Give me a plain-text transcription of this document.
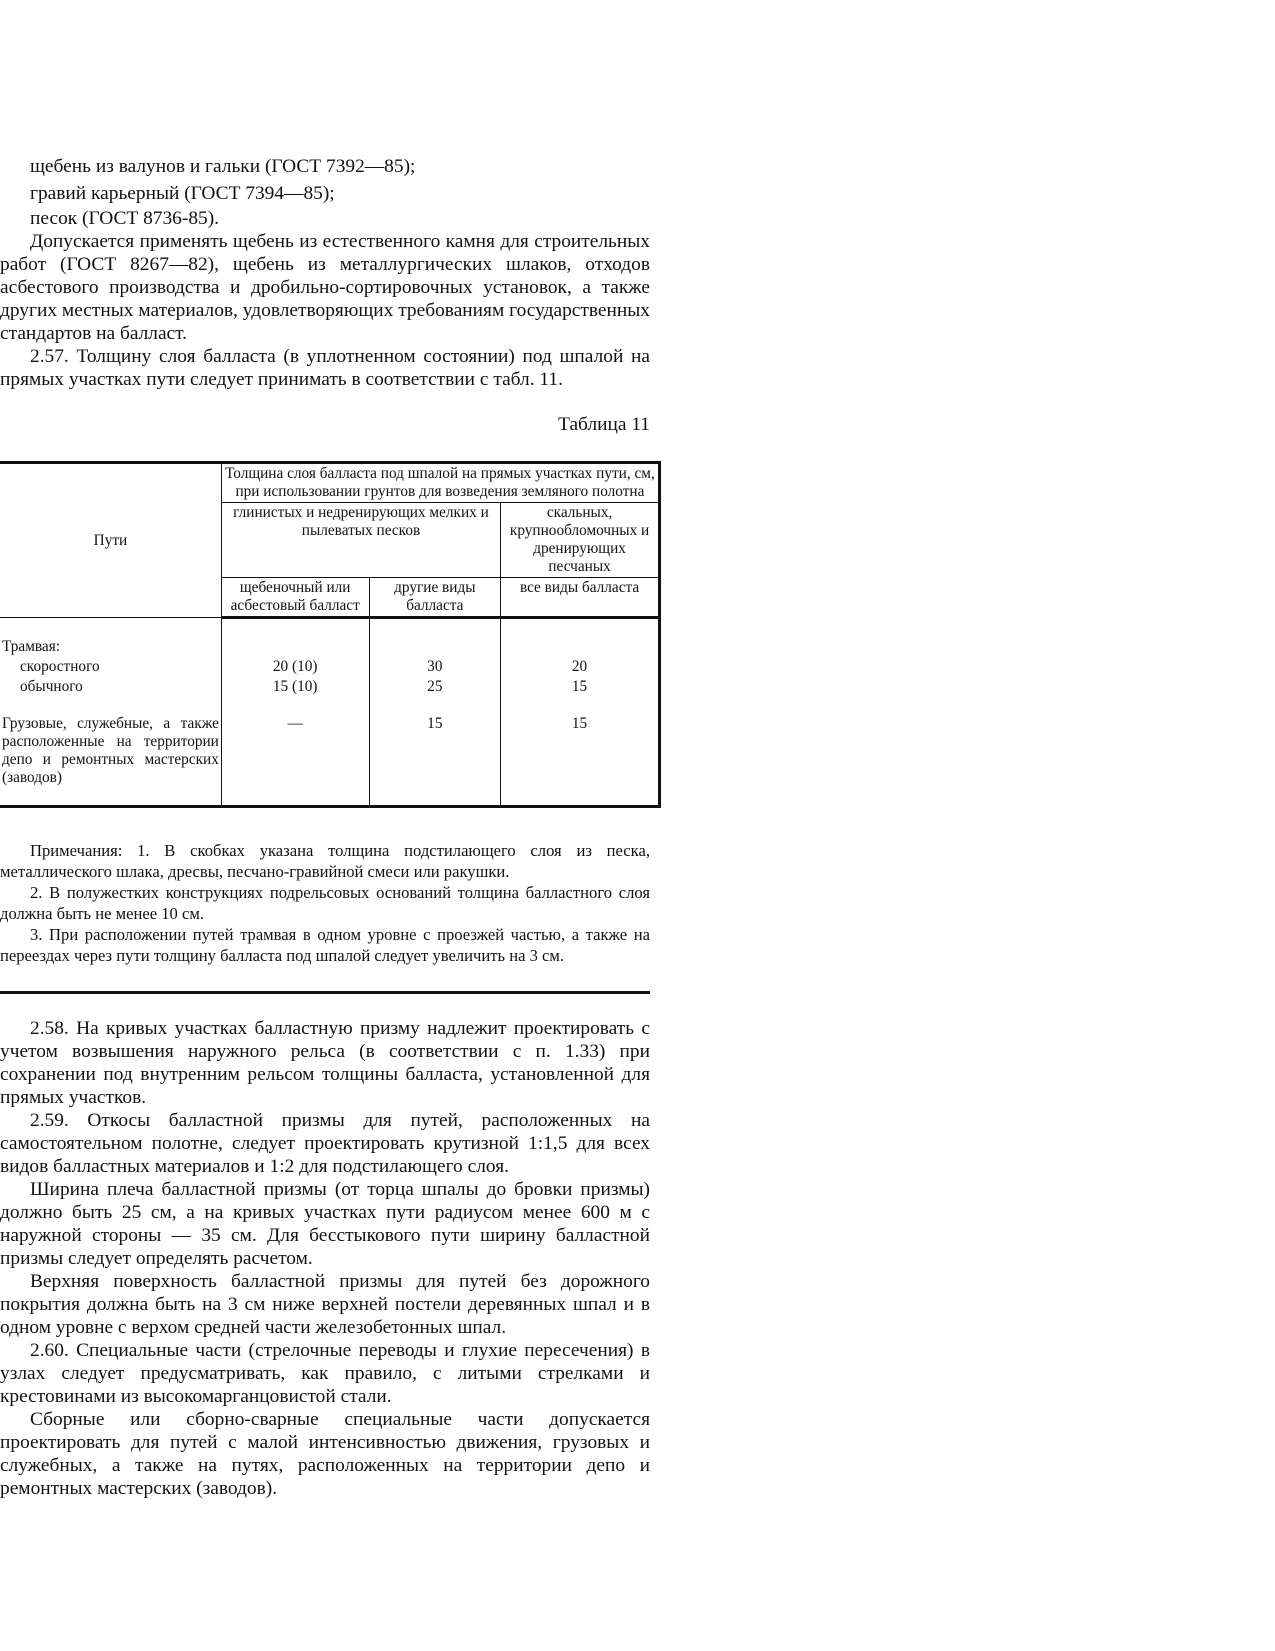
щебень из валунов и гальки (ГОСТ 7392—85);

гравий карьерный (ГОСТ 7394—85);

песок (ГОСТ 8736-85).

Допускается применять щебень из естественного камня для строительных работ (ГОСТ 8267—82), щебень из металлургических шлаков, отходов асбестового производства и дробильно-сортировочных установок, а также других местных материалов, удовлетворяющих требованиям государственных стандартов на балласт.

2.57. Толщину слоя балласта (в уплотненном состоянии) под шпалой на прямых участках пути следует принимать в соответствии с табл. 11.

Таблица 11
Пути	Толщина слоя балласта под шпалой на прямых участках пути, см, при использовании грунтов для возведения земляного полотна		
	глинистых и недренирующих мелких и пылеватых песков		скальных, крупнообломочных и дренирующих песчаных
	щебеночный или асбестовый балласт	другие виды балласта	все виды балласта
Трамвая:			
скоростного	20 (10)	30	20
обычного	15 (10)	25	15
Грузовые, служебные, а также расположенные на территории депо и ремонтных мастерских (заводов)	—	15	15

Примечания: 1. В скобках указана толщина подстилающего слоя из песка, металлического шлака, дресвы, песчано-гравийной смеси или ракушки.

2. В полужестких конструкциях подрельсовых оснований толщина балластного слоя должна быть не менее 10 см.

3. При расположении путей трамвая в одном уровне с проезжей частью, а также на переездах через пути толщину балласта под шпалой следует увеличить на 3 см.

2.58. На кривых участках балластную призму надлежит проектировать с учетом возвышения наружного рельса (в соответствии с п. 1.33) при сохранении под внутренним рельсом толщины балласта, установленной для прямых участков.

2.59. Откосы балластной призмы для путей, расположенных на самостоятельном полотне, следует проектировать крутизной 1:1,5 для всех видов балластных материалов и 1:2 для подстилающего слоя.

Ширина плеча балластной призмы (от торца шпалы до бровки призмы) должно быть 25 см, а на кривых участках пути радиусом менее 600 м с наружной стороны — 35 см. Для бесстыкового пути ширину балластной призмы следует определять расчетом.

Верхняя поверхность балластной призмы для путей без дорожного покрытия должна быть на 3 см ниже верхней постели деревянных шпал и в одном уровне с верхом средней части железобетонных шпал.

2.60. Специальные части (стрелочные переводы и глухие пересечения) в узлах следует предусматривать, как правило, с литыми стрелками и крестовинами из высокомарганцовистой стали.

Сборные или сборно-сварные специальные части допускается проектировать для путей с малой интенсивностью движения, грузовых и служебных, а также на путях, расположенных на территории депо и ремонтных мастерских (заводов).
